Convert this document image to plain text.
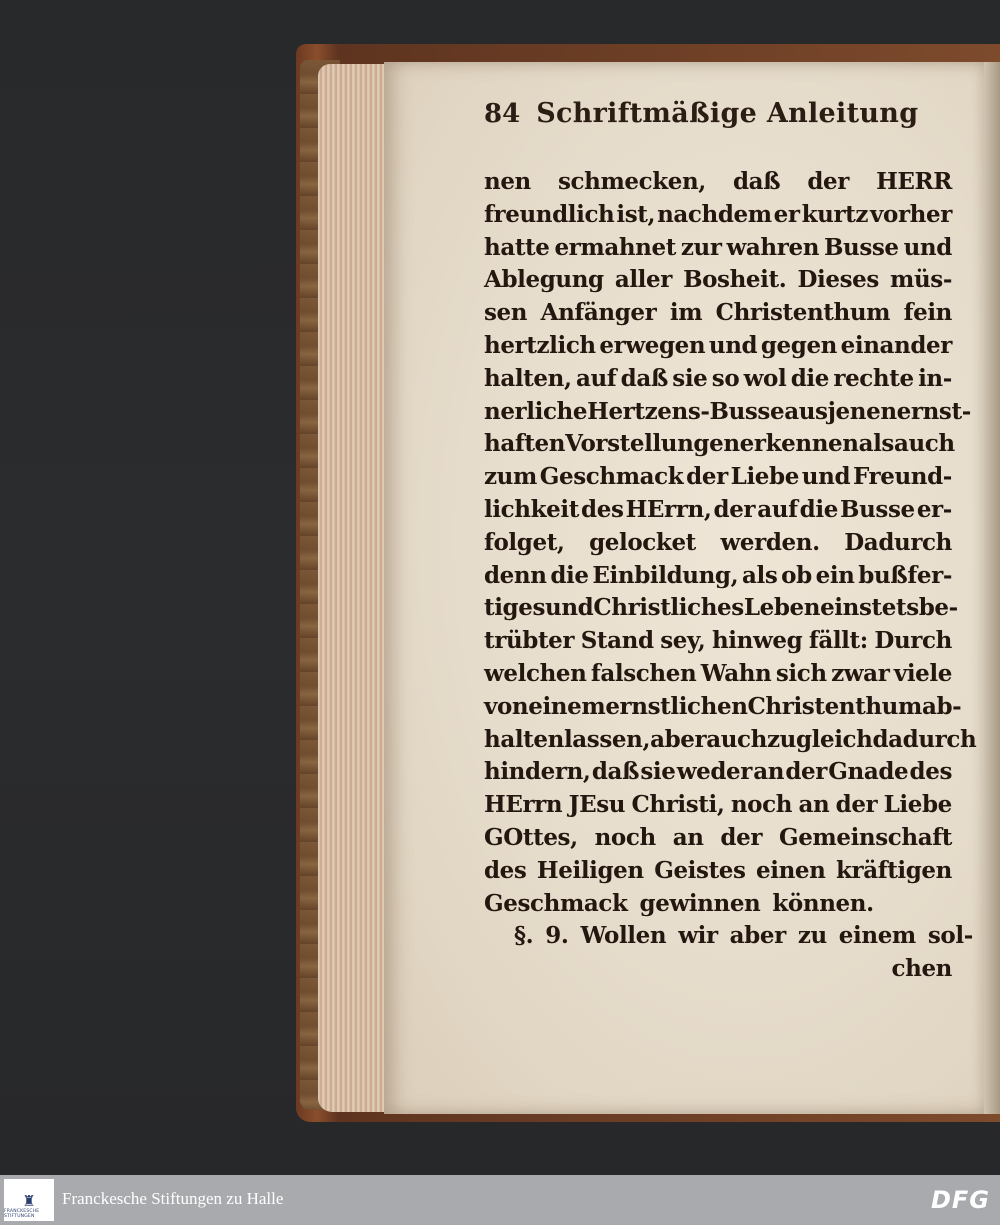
84 Schriftmäßige Anleitung
nen schmecken, daß der HERR
freundlich ist, nachdem er kurtz vorher
hatte ermahnet zur wahren Busse und
Ablegung aller Bosheit. Dieses müs-
sen Anfänger im Christenthum fein
hertzlich erwegen und gegen einander
halten, auf daß sie so wol die rechte in-
nerliche Hertzens-Busse aus jenen ernst-
haften Vorstellungen erkennen als auch
zum Geschmack der Liebe und Freund-
lichkeit des HErrn, der auf die Busse er-
folget, gelocket werden. Dadurch
denn die Einbildung, als ob ein bußfer-
tiges und Christliches Leben ein stets be-
trübter Stand sey, hinweg fällt: Durch
welchen falschen Wahn sich zwar viele
von einem ernstlichen Christenthum ab-
halten lassen, aber auch zugleich dadurch
hindern, daß sie weder an der Gnade des
HErrn JEsu Christi, noch an der Liebe
GOttes, noch an der Gemeinschaft
des Heiligen Geistes einen kräftigen
Geschmack gewinnen können.
§. 9. Wollen wir aber zu einem sol-
chen
♜
FRANCKESCHE STIFTUNGEN
Franckesche Stiftungen zu Halle	DFG
